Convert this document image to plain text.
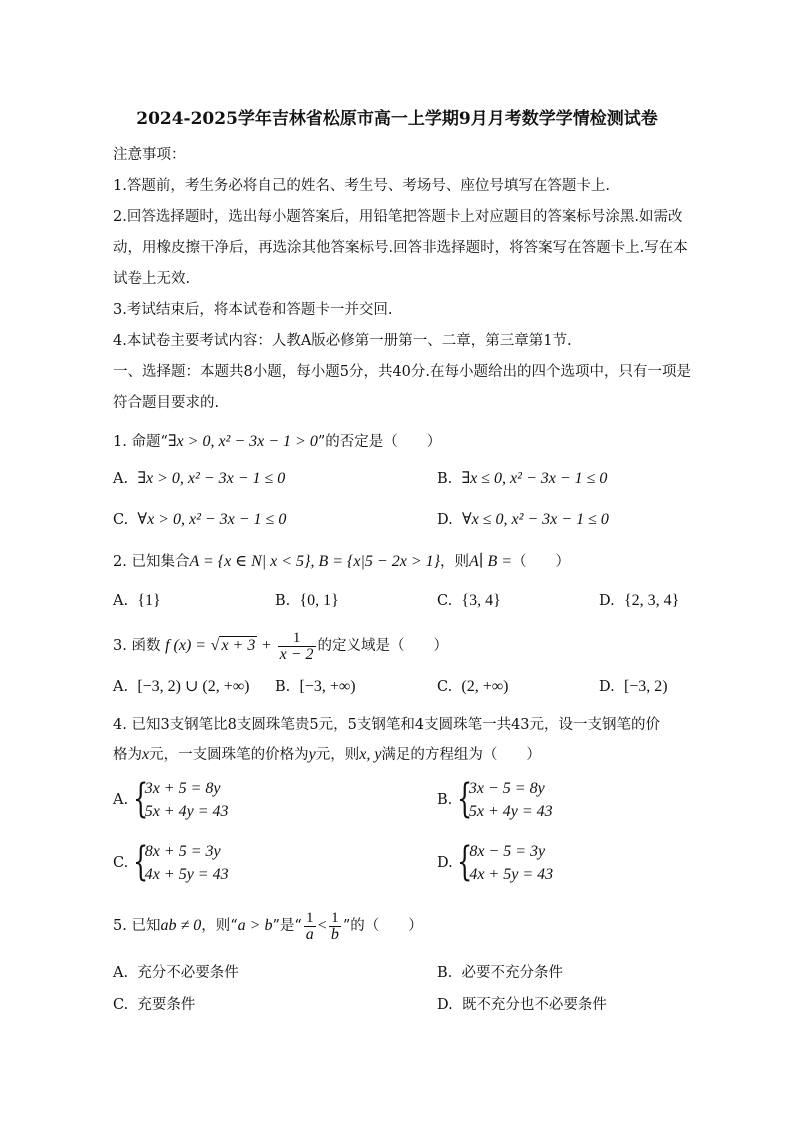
2024-2025学年吉林省松原市高一上学期9月月考数学学情检测试卷
注意事项：
1.答题前，考生务必将自己的姓名、考生号、考场号、座位号填写在答题卡上.
2.回答选择题时，选出每小题答案后，用铅笔把答题卡上对应题目的答案标号涂黑.如需改
动，用橡皮擦干净后，再选涂其他答案标号.回答非选择题时，将答案写在答题卡上.写在本
试卷上无效.
3.考试结束后，将本试卷和答题卡一并交回.
4.本试卷主要考试内容：人教A版必修第一册第一、二章，第三章第1节.
一、选择题：本题共8小题，每小题5分，共40分.在每小题给出的四个选项中，只有一项是
符合题目要求的.
1. 命题“∃x > 0, x² − 3x − 1 > 0”的否定是（　　）
A. ∃x > 0, x² − 3x − 1 ≤ 0	B. ∃x ≤ 0, x² − 3x − 1 ≤ 0
C. ∀x > 0, x² − 3x − 1 ≤ 0	D. ∀x ≤ 0, x² − 3x − 1 ≤ 0
2. 已知集合A = {x ∈ N| x < 5}, B = {x|5 − 2x > 1}，则A∣ B =（　　）
A. {1}	B. {0, 1}	C. {3, 4}	D. {2, 3, 4}
3. 函数 f (x) = √ $x + 3 + \frac{1}{x - 2}$ 的定义域是（　　）
A. [−3, 2) ∪ (2, +∞) B. [−3, +∞)	C. (2, +∞)	D. [−3, 2)
4. 已知3支钢笔比8支圆珠笔贵5元，5支钢笔和4支圆珠笔一共43元，设一支钢笔的价
格为x元，一支圆珠笔的价格为y元，则x, y满足的方程组为（　　）
A. {
3x + 5 = 8y
5x + 4y = 43
B. {
3x − 5 = 8y
5x + 4y = 43
C. {
8x + 5 = 3y
4x + 5y = 43
D. {
8x − 5 = 3y
4x + 5y = 43
5. 已知ab ≠ 0，则“a > b”是“ $\frac{1}{a} < \frac{1}{b}$ ”的（　　）
A. 充分不必要条件	B. 必要不充分条件
C. 充要条件	D. 既不充分也不必要条件
